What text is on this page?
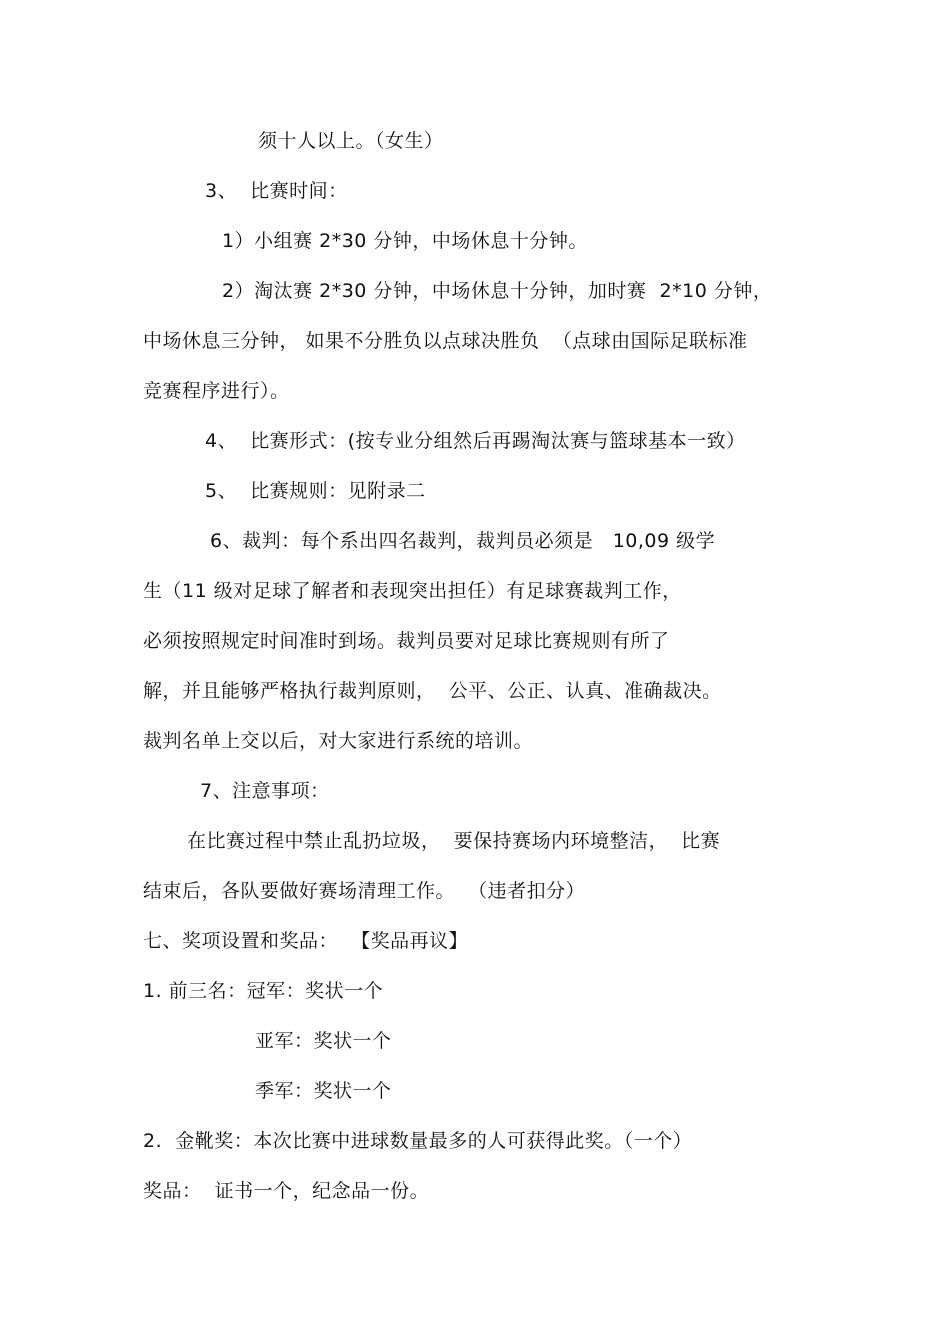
须十人以上。（女生）
3、  比赛时间：
1）小组赛 2*30 分钟，中场休息十分钟。
2）淘汰赛 2*30 分钟，中场休息十分钟，加时赛  2*10 分钟，
中场休息三分钟， 如果不分胜负以点球决胜负  （点球由国际足联标准
竞赛程序进行）。
4、  比赛形式：(按专业分组然后再踢淘汰赛与篮球基本一致）
5、  比赛规则：见附录二
6、裁判：每个系出四名裁判，裁判员必须是   10,09 级学
生（11 级对足球了解者和表现突出担任）有足球赛裁判工作，
必须按照规定时间准时到场。裁判员要对足球比赛规则有所了
解，并且能够严格执行裁判原则，  公平、公正、认真、准确裁决。
裁判名单上交以后，对大家进行系统的培训。
7、注意事项：
在比赛过程中禁止乱扔垃圾，  要保持赛场内环境整洁，  比赛
结束后，各队要做好赛场清理工作。  （违者扣分）
七、奖项设置和奖品：  【奖品再议】
1. 前三名：冠军：奖状一个
亚军：奖状一个
季军：奖状一个
2.  金靴奖：本次比赛中进球数量最多的人可获得此奖。（一个）
奖品：  证书一个，纪念品一份。
